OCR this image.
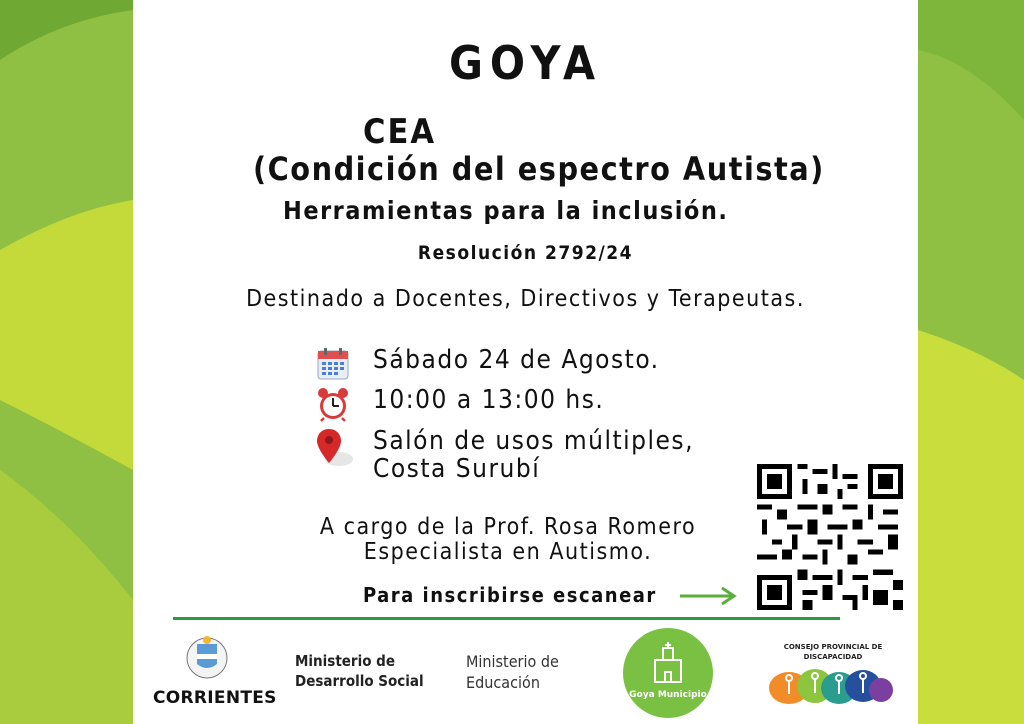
GOYA
CEA
(Condición del espectro Autista)
Herramientas para la inclusión.
Resolución 2792/24
Destinado a Docentes, Directivos y Terapeutas.
Sábado 24 de Agosto.
10:00 a 13:00 hs.
Salón de usos múltiples,
Costa Surubí
A cargo de la Prof. Rosa Romero
Especialista en Autismo.
Para inscribirse escanear
CORRIENTES
Ministerio de
Desarrollo Social
Ministerio de
Educación
Goya Municipio
CONSEJO PROVINCIAL DE
DISCAPACIDAD
